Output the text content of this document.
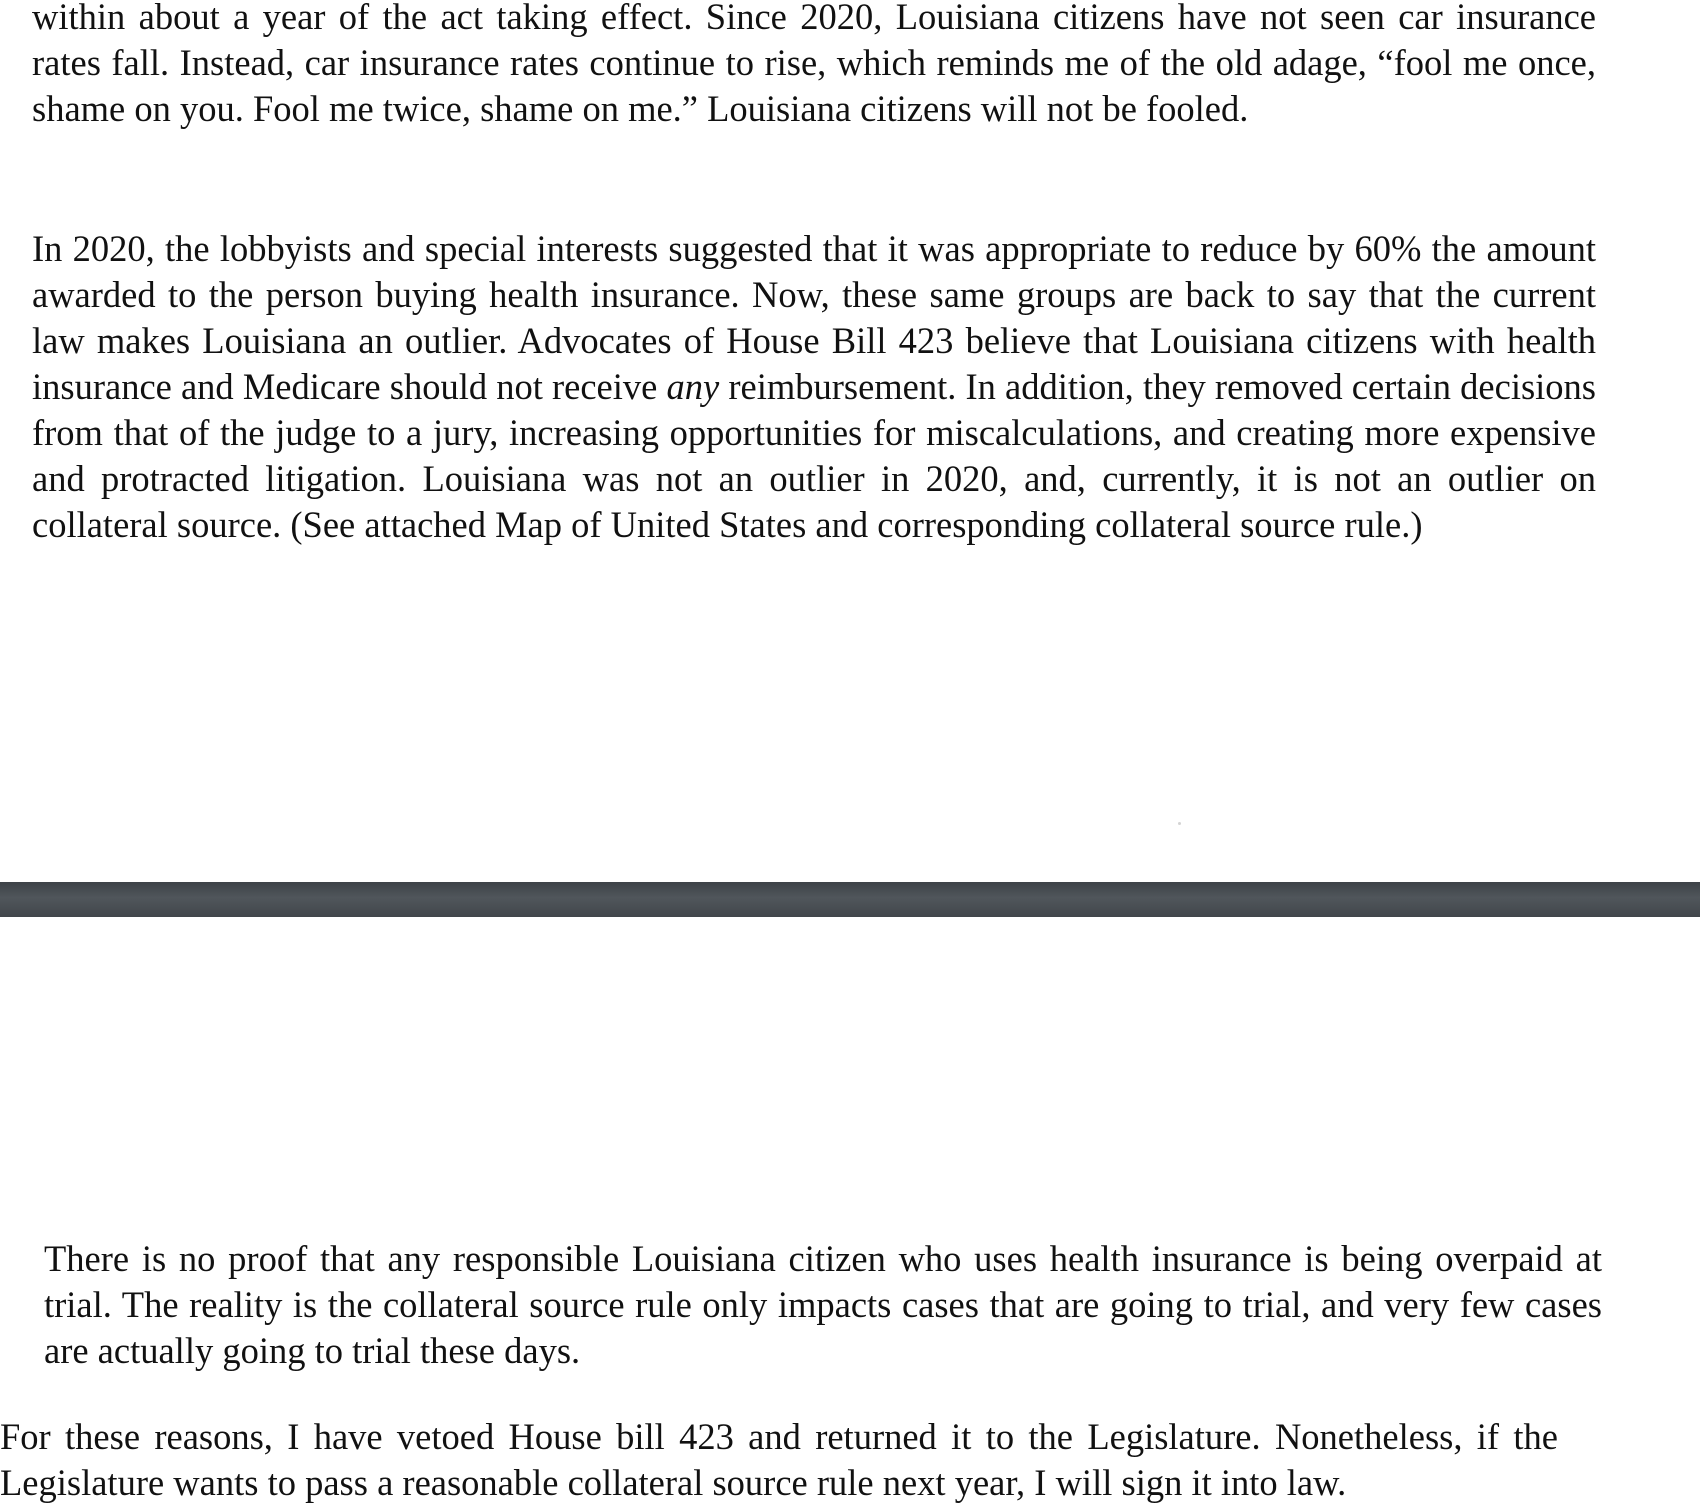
within about a year of the act taking effect. Since 2020, Louisiana citizens have not seen car insurance rates fall. Instead, car insurance rates continue to rise, which reminds me of the old adage, “fool me once, shame on you. Fool me twice, shame on me.” Louisiana citizens will not be fooled.

In 2020, the lobbyists and special interests suggested that it was appropriate to reduce by 60% the amount awarded to the person buying health insurance. Now, these same groups are back to say that the current law makes Louisiana an outlier. Advocates of House Bill 423 believe that Louisiana citizens with health insurance and Medicare should not receive any reimbursement. In addition, they removed certain decisions from that of the judge to a jury, increasing opportunities for miscalculations, and creating more expensive and protracted litigation. Louisiana was not an outlier in 2020, and, currently, it is not an outlier on collateral source. (See attached Map of United States and corresponding collateral source rule.)

There is no proof that any responsible Louisiana citizen who uses health insurance is being overpaid at trial. The reality is the collateral source rule only impacts cases that are going to trial, and very few cases are actually going to trial these days.

For these reasons, I have vetoed House bill 423 and returned it to the Legislature. Nonetheless, if the Legislature wants to pass a reasonable collateral source rule next year, I will sign it into law.
